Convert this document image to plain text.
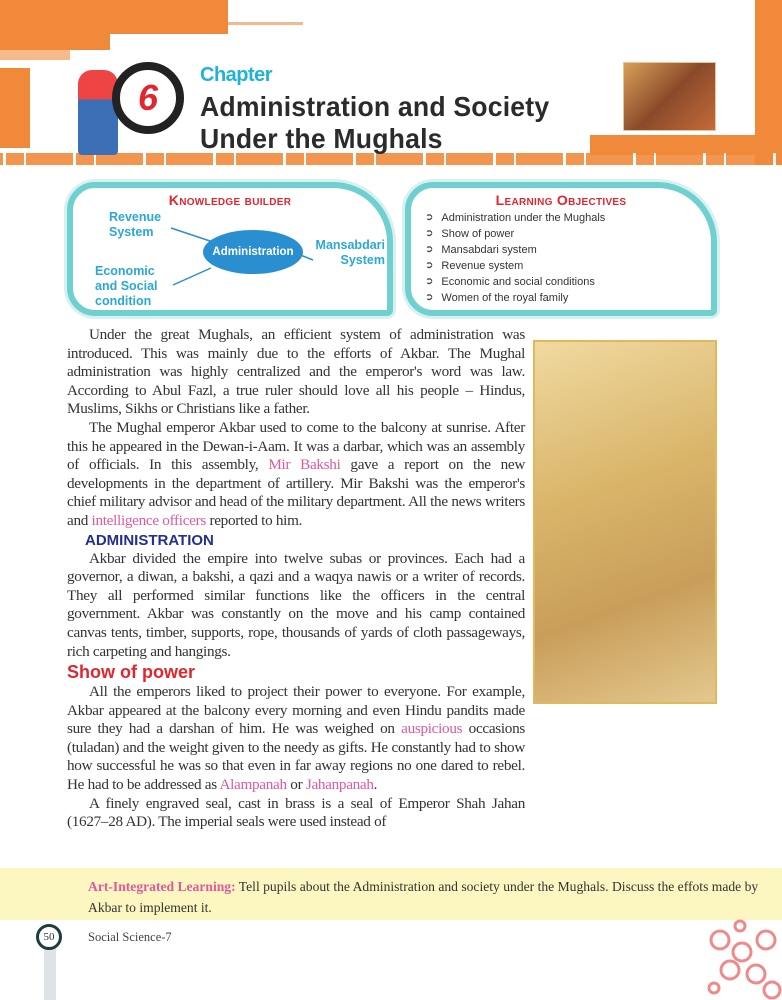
6
Chapter
Administration and Society
Under the Mughals
Knowledge builder
Revenue System
Mansabdari System
Economic and Social condition
Administration
Learning Objectives
➲ Administration under the Mughals
➲ Show of power
➲ Mansabdari system
➲ Revenue system
➲ Economic and social conditions
➲ Women of the royal family

Under the great Mughals, an efficient system of administration was introduced. This was mainly due to the efforts of Akbar. The Mughal administration was highly centralized and the emperor's word was law. According to Abul Fazl, a true ruler should love all his people – Hindus, Muslims, Sikhs or Christians like a father.

The Mughal emperor Akbar used to come to the balcony at sunrise. After this he appeared in the Dewan-i-Aam. It was a darbar, which was an assembly of officials. In this assembly, Mir Bakshi gave a report on the new developments in the department of artillery. Mir Bakshi was the emperor's chief military advisor and head of the military department. All the news writers and intelligence officers reported to him.

ADMINISTRATION

Akbar divided the empire into twelve subas or provinces. Each had a governor, a diwan, a bakshi, a qazi and a waqya nawis or a writer of records. They all performed similar functions like the officers in the central government. Akbar was constantly on the move and his camp contained canvas tents, timber, supports, rope, thousands of yards of cloth passageways, rich carpeting and hangings.

Show of power

All the emperors liked to project their power to everyone. For example, Akbar appeared at the balcony every morning and even Hindu pandits made sure they had a darshan of him. He was weighed on auspicious occasions (tuladan) and the weight given to the needy as gifts. He constantly had to show how successful he was so that even in far away regions no one dared to rebel. He had to be addressed as Alampanah or Jahanpanah.

A finely engraved seal, cast in brass is a seal of Emperor Shah Jahan (1627–28 AD). The imperial seals were used instead of

Art-Integrated Learning: Tell pupils about the Administration and society under the Mughals. Discuss the effots made by Akbar to implement it.
50	Social Science-7
